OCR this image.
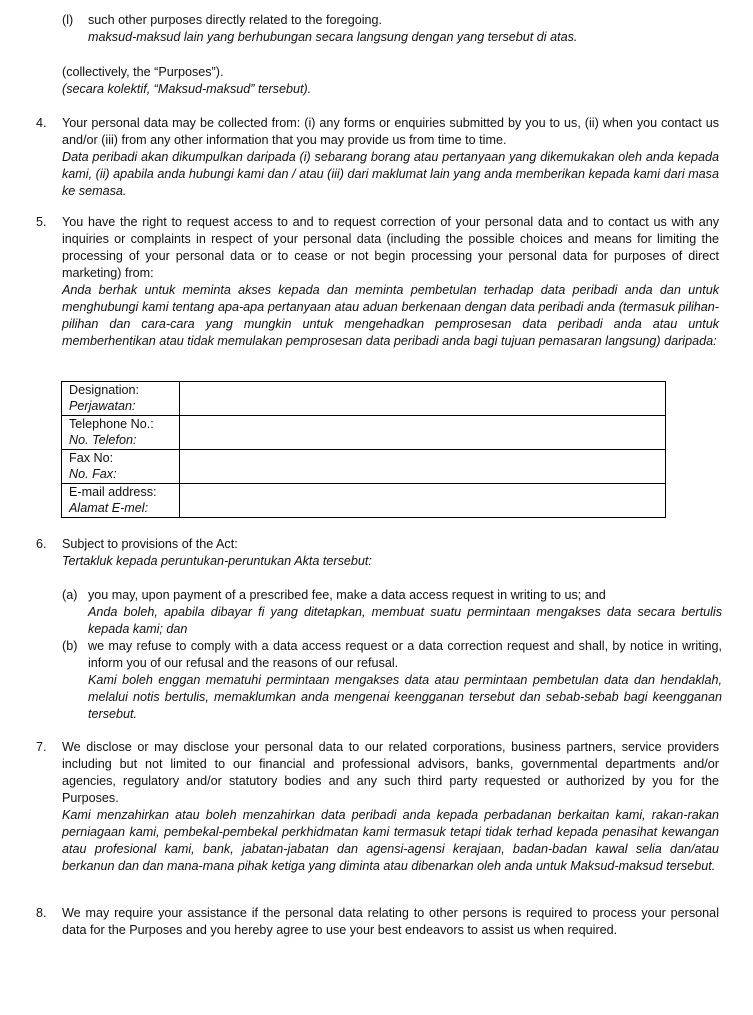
(l) such other purposes directly related to the foregoing.

maksud-maksud lain yang berhubungan secara langsung dengan yang tersebut di atas.

(collectively, the “Purposes”).

(secara kolektif, “Maksud-maksud” tersebut).

4. Your personal data may be collected from: (i) any forms or enquiries submitted by you to us, (ii) when you contact us and/or (iii) from any other information that you may provide us from time to time.

Data peribadi akan dikumpulkan daripada (i) sebarang borang atau pertanyaan yang dikemukakan oleh anda kepada kami, (ii) apabila anda hubungi kami dan / atau (iii) dari maklumat lain yang anda memberikan kepada kami dari masa ke semasa.

5. You have the right to request access to and to request correction of your personal data and to contact us with any inquiries or complaints in respect of your personal data (including the possible choices and means for limiting the processing of your personal data or to cease or not begin processing your personal data for purposes of direct marketing) from:

Anda berhak untuk meminta akses kepada dan meminta pembetulan terhadap data peribadi anda dan untuk menghubungi kami tentang apa-apa pertanyaan atau aduan berkenaan dengan data peribadi anda (termasuk pilihan-pilihan dan cara-cara yang mungkin untuk mengehadkan pemprosesan data peribadi anda atau untuk memberhentikan atau tidak memulakan pemprosesan data peribadi anda bagi tujuan pemasaran langsung) daripada:

Designation:
Perjawatan:	

Telephone No.:
No. Telefon:	

Fax No:
No. Fax:	

E-mail address:
Alamat E-mel:	

6. Subject to provisions of the Act:

Tertakluk kepada peruntukan-peruntukan Akta tersebut:

(a) you may, upon payment of a prescribed fee, make a data access request in writing to us; and

Anda boleh, apabila dibayar fi yang ditetapkan, membuat suatu permintaan mengakses data secara bertulis kepada kami; dan

(b) we may refuse to comply with a data access request or a data correction request and shall, by notice in writing, inform you of our refusal and the reasons of our refusal.

Kami boleh enggan mematuhi permintaan mengakses data atau permintaan pembetulan data dan hendaklah, melalui notis bertulis, memaklumkan anda mengenai keengganan tersebut dan sebab-sebab bagi keengganan tersebut.

7. We disclose or may disclose your personal data to our related corporations, business partners, service providers including but not limited to our financial and professional advisors, banks, governmental departments and/or agencies, regulatory and/or statutory bodies and any such third party requested or authorized by you for the Purposes.

Kami menzahirkan atau boleh menzahirkan data peribadi anda kepada perbadanan berkaitan kami, rakan-rakan perniagaan kami, pembekal-pembekal perkhidmatan kami termasuk tetapi tidak terhad kepada penasihat kewangan atau profesional kami, bank, jabatan-jabatan dan agensi-agensi kerajaan, badan-badan kawal selia dan/atau berkanun dan dan mana-mana pihak ketiga yang diminta atau dibenarkan oleh anda untuk Maksud-maksud tersebut.

8. We may require your assistance if the personal data relating to other persons is required to process your personal data for the Purposes and you hereby agree to use your best endeavors to assist us when required.
